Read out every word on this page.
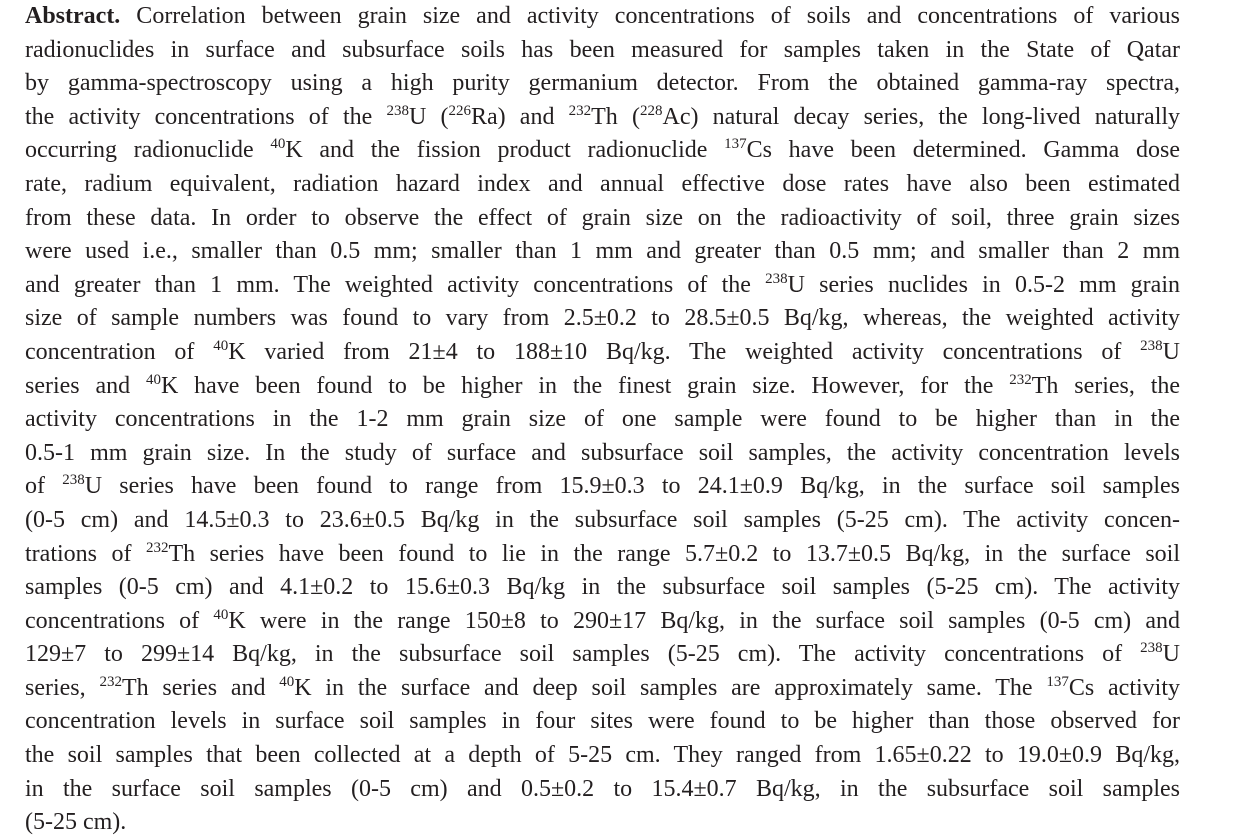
Abstract. Correlation between grain size and activity concentrations of soils and concentrations of various
radionuclides in surface and subsurface soils has been measured for samples taken in the State of Qatar
by gamma-spectroscopy using a high purity germanium detector. From the obtained gamma-ray spectra,
the activity concentrations of the $^{238}$U ($^{226}$Ra) and $^{232}$Th ($^{228}$Ac) natural decay series, the long-lived naturally
occurring radionuclide $^{40}$K and the fission product radionuclide $^{137}$Cs have been determined. Gamma dose
rate, radium equivalent, radiation hazard index and annual effective dose rates have also been estimated
from these data. In order to observe the effect of grain size on the radioactivity of soil, three grain sizes
were used i.e., smaller than 0.5 mm; smaller than 1 mm and greater than 0.5 mm; and smaller than 2 mm
and greater than 1 mm. The weighted activity concentrations of the $^{238}$U series nuclides in 0.5-2 mm grain
size of sample numbers was found to vary from 2.5±0.2 to 28.5±0.5 Bq/kg, whereas, the weighted activity
concentration of $^{40}$K varied from 21±4 to 188±10 Bq/kg. The weighted activity concentrations of $^{238}$U
series and $^{40}$K have been found to be higher in the finest grain size. However, for the $^{232}$Th series, the
activity concentrations in the 1-2 mm grain size of one sample were found to be higher than in the
0.5-1 mm grain size. In the study of surface and subsurface soil samples, the activity concentration levels
of $^{238}$U series have been found to range from 15.9±0.3 to 24.1±0.9 Bq/kg, in the surface soil samples
(0-5 cm) and 14.5±0.3 to 23.6±0.5 Bq/kg in the subsurface soil samples (5-25 cm). The activity concen-
trations of $^{232}$Th series have been found to lie in the range 5.7±0.2 to 13.7±0.5 Bq/kg, in the surface soil
samples (0-5 cm) and 4.1±0.2 to 15.6±0.3 Bq/kg in the subsurface soil samples (5-25 cm). The activity
concentrations of $^{40}$K were in the range 150±8 to 290±17 Bq/kg, in the surface soil samples (0-5 cm) and
129±7 to 299±14 Bq/kg, in the subsurface soil samples (5-25 cm). The activity concentrations of $^{238}$U
series, $^{232}$Th series and $^{40}$K in the surface and deep soil samples are approximately same. The $^{137}$Cs activity
concentration levels in surface soil samples in four sites were found to be higher than those observed for
the soil samples that been collected at a depth of 5-25 cm. They ranged from 1.65±0.22 to 19.0±0.9 Bq/kg,
in the surface soil samples (0-5 cm) and 0.5±0.2 to 15.4±0.7 Bq/kg, in the subsurface soil samples
(5-25 cm).
